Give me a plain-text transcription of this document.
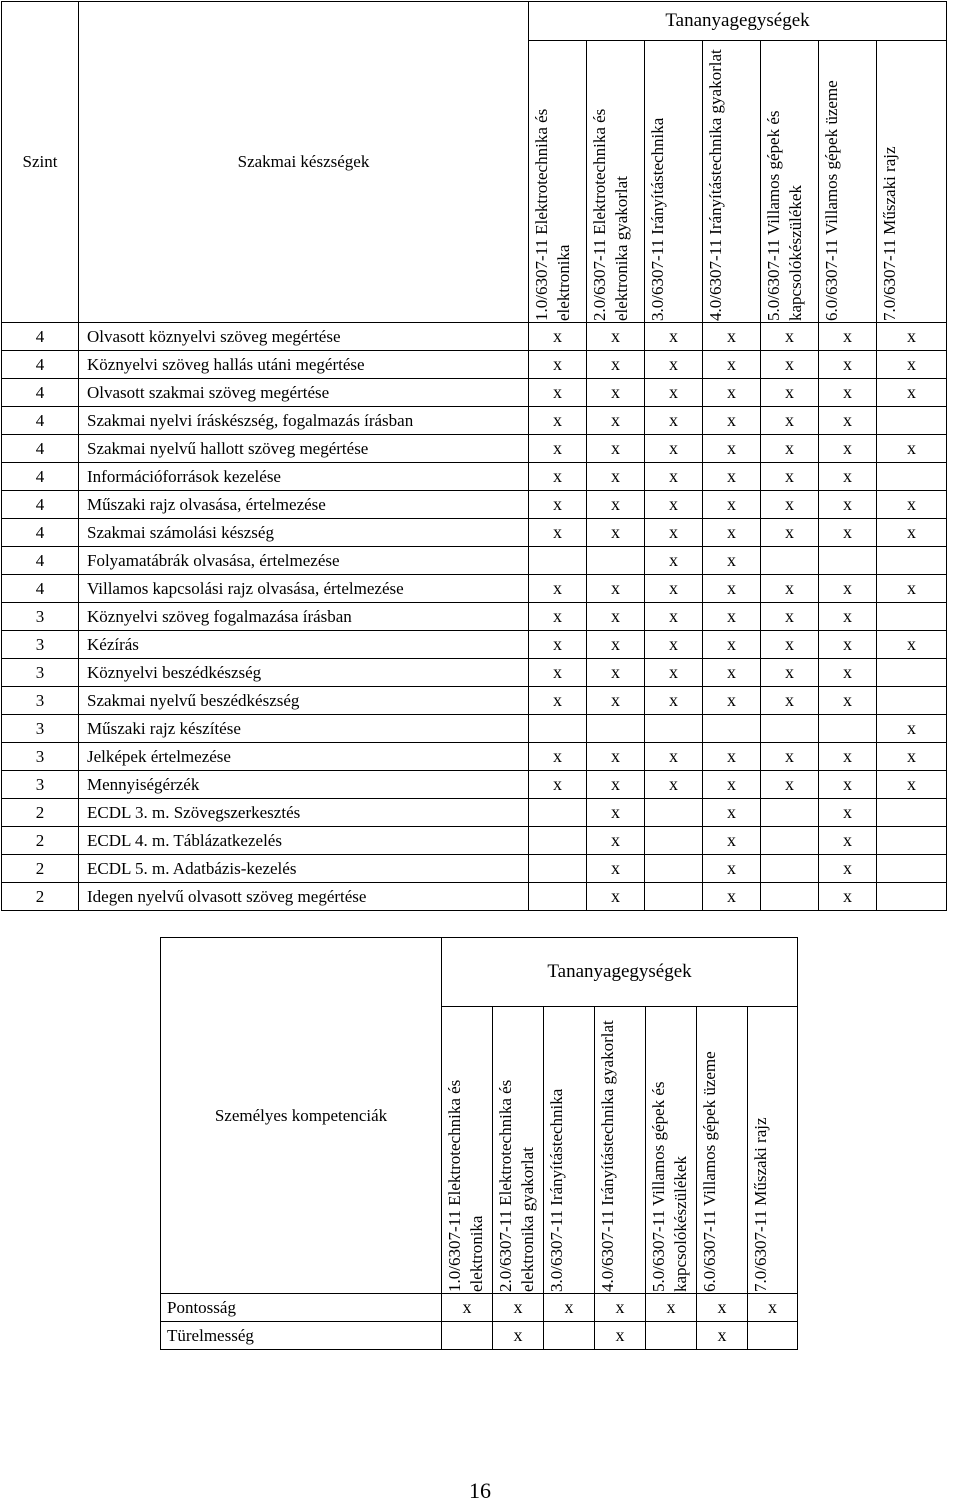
Szint	Szakmai készségek	Tananyagegységek						

		1.0/6307-11 Elektrotechnika és elektronika	2.0/6307-11 Elektrotechnika és elektronika gyakorlat	3.0/6307-11 Irányítástechnika	4.0/6307-11 Irányítástechnika gyakorlat	5.0/6307-11 Villamos gépek és kapcsolókészülékek	6.0/6307-11 Villamos gépek üzeme	7.0/6307-11 Műszaki rajz

4	Olvasott köznyelvi szöveg megértése	x	x	x	x	x	x	x
4	Köznyelvi szöveg hallás utáni megértése	x	x	x	x	x	x	x
4	Olvasott szakmai szöveg megértése	x	x	x	x	x	x	x
4	Szakmai nyelvi íráskészség, fogalmazás írásban	x	x	x	x	x	x	
4	Szakmai nyelvű hallott szöveg megértése	x	x	x	x	x	x	x
4	Információforrások kezelése	x	x	x	x	x	x	
4	Műszaki rajz olvasása, értelmezése	x	x	x	x	x	x	x
4	Szakmai számolási készség	x	x	x	x	x	x	x
4	Folyamatábrák olvasása, értelmezése			x	x			
4	Villamos kapcsolási rajz olvasása, értelmezése	x	x	x	x	x	x	x
3	Köznyelvi szöveg fogalmazása írásban	x	x	x	x	x	x	
3	Kézírás	x	x	x	x	x	x	x
3	Köznyelvi beszédkészség	x	x	x	x	x	x	
3	Szakmai nyelvű beszédkészség	x	x	x	x	x	x	
3	Műszaki rajz készítése							x
3	Jelképek értelmezése	x	x	x	x	x	x	x
3	Mennyiségérzék	x	x	x	x	x	x	x
2	ECDL 3. m. Szövegszerkesztés		x		x		x	
2	ECDL 4. m. Táblázatkezelés		x		x		x	
2	ECDL 5. m. Adatbázis-kezelés		x		x		x	
2	Idegen nyelvű olvasott szöveg megértése		x		x		x	
Személyes kompetenciák	Tananyagegységek						

	1.0/6307-11 Elektrotechnika és elektronika	2.0/6307-11 Elektrotechnika és elektronika gyakorlat	3.0/6307-11 Irányítástechnika	4.0/6307-11 Irányítástechnika gyakorlat	5.0/6307-11 Villamos gépek és kapcsolókészülékek	6.0/6307-11 Villamos gépek üzeme	7.0/6307-11 Műszaki rajz

Pontosság	x	x	x	x	x	x	x
Türelmesség		x		x		x	
16
